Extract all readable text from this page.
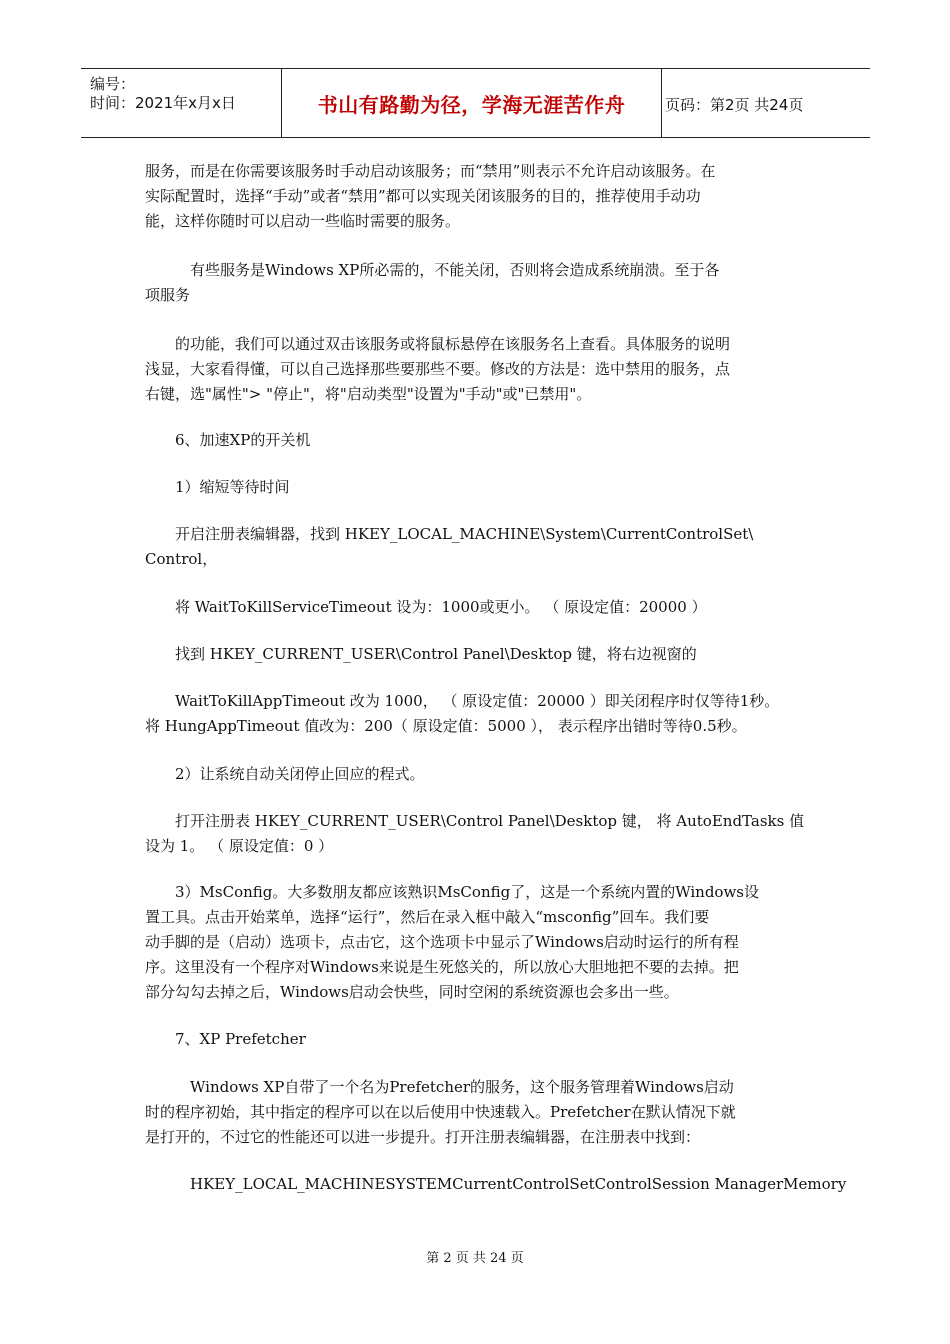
编号：
时间：2021年x月x日	书山有路勤为径，学海无涯苦作舟	页码：第2页 共24页
服务，而是在你需要该服务时手动启动该服务；而“禁用”则表示不允许启动该服务。在
实际配置时，选择“手动”或者“禁用”都可以实现关闭该服务的目的，推荐使用手动功
能，这样你随时可以启动一些临时需要的服务。
　　　有些服务是Windows XP所必需的，不能关闭，否则将会造成系统崩溃。至于各
项服务
　　的功能，我们可以通过双击该服务或将鼠标悬停在该服务名上查看。具体服务的说明
浅显，大家看得懂，可以自己选择那些要那些不要。修改的方法是：选中禁用的服务，点
右键，选"属性"> "停止"，将"启动类型"设置为"手动"或"已禁用"。
　　6、加速XP的开关机
　　1）缩短等待时间
　　开启注册表编辑器，找到 HKEY_LOCAL_MACHINE\System\CurrentControlSet\
Control，
　　将 WaitToKillServiceTimeout 设为：1000或更小。 （ 原设定值：20000 ）
　　找到 HKEY_CURRENT_USER\Control Panel\Desktop 键，将右边视窗的
　　WaitToKillAppTimeout 改为 1000， （ 原设定值：20000 ）即关闭程序时仅等待1秒。
将 HungAppTimeout 值改为：200（ 原设定值：5000 ）， 表示程序出错时等待0.5秒。
　　2）让系统自动关闭停止回应的程式。
　　打开注册表 HKEY_CURRENT_USER\Control Panel\Desktop 键， 将 AutoEndTasks 值
设为 1。 （ 原设定值：0 ）
　　3）MsConfig。大多数朋友都应该熟识MsConfig了，这是一个系统内置的Windows设
置工具。点击开始菜单，选择“运行”，然后在录入框中敲入“msconfig”回车。我们要
动手脚的是（启动）选项卡，点击它，这个选项卡中显示了Windows启动时运行的所有程
序。这里没有一个程序对Windows来说是生死悠关的，所以放心大胆地把不要的去掉。把
部分勾勾去掉之后，Windows启动会快些，同时空闲的系统资源也会多出一些。
　　7、XP Prefetcher
　　　Windows XP自带了一个名为Prefetcher的服务，这个服务管理着Windows启动
时的程序初始，其中指定的程序可以在以后使用中快速载入。Prefetcher在默认情况下就
是打开的，不过它的性能还可以进一步提升。打开注册表编辑器，在注册表中找到：
　　　HKEY_LOCAL_MACHINESYSTEMCurrentControlSetControlSession ManagerMemory
第 2 页 共 24 页
